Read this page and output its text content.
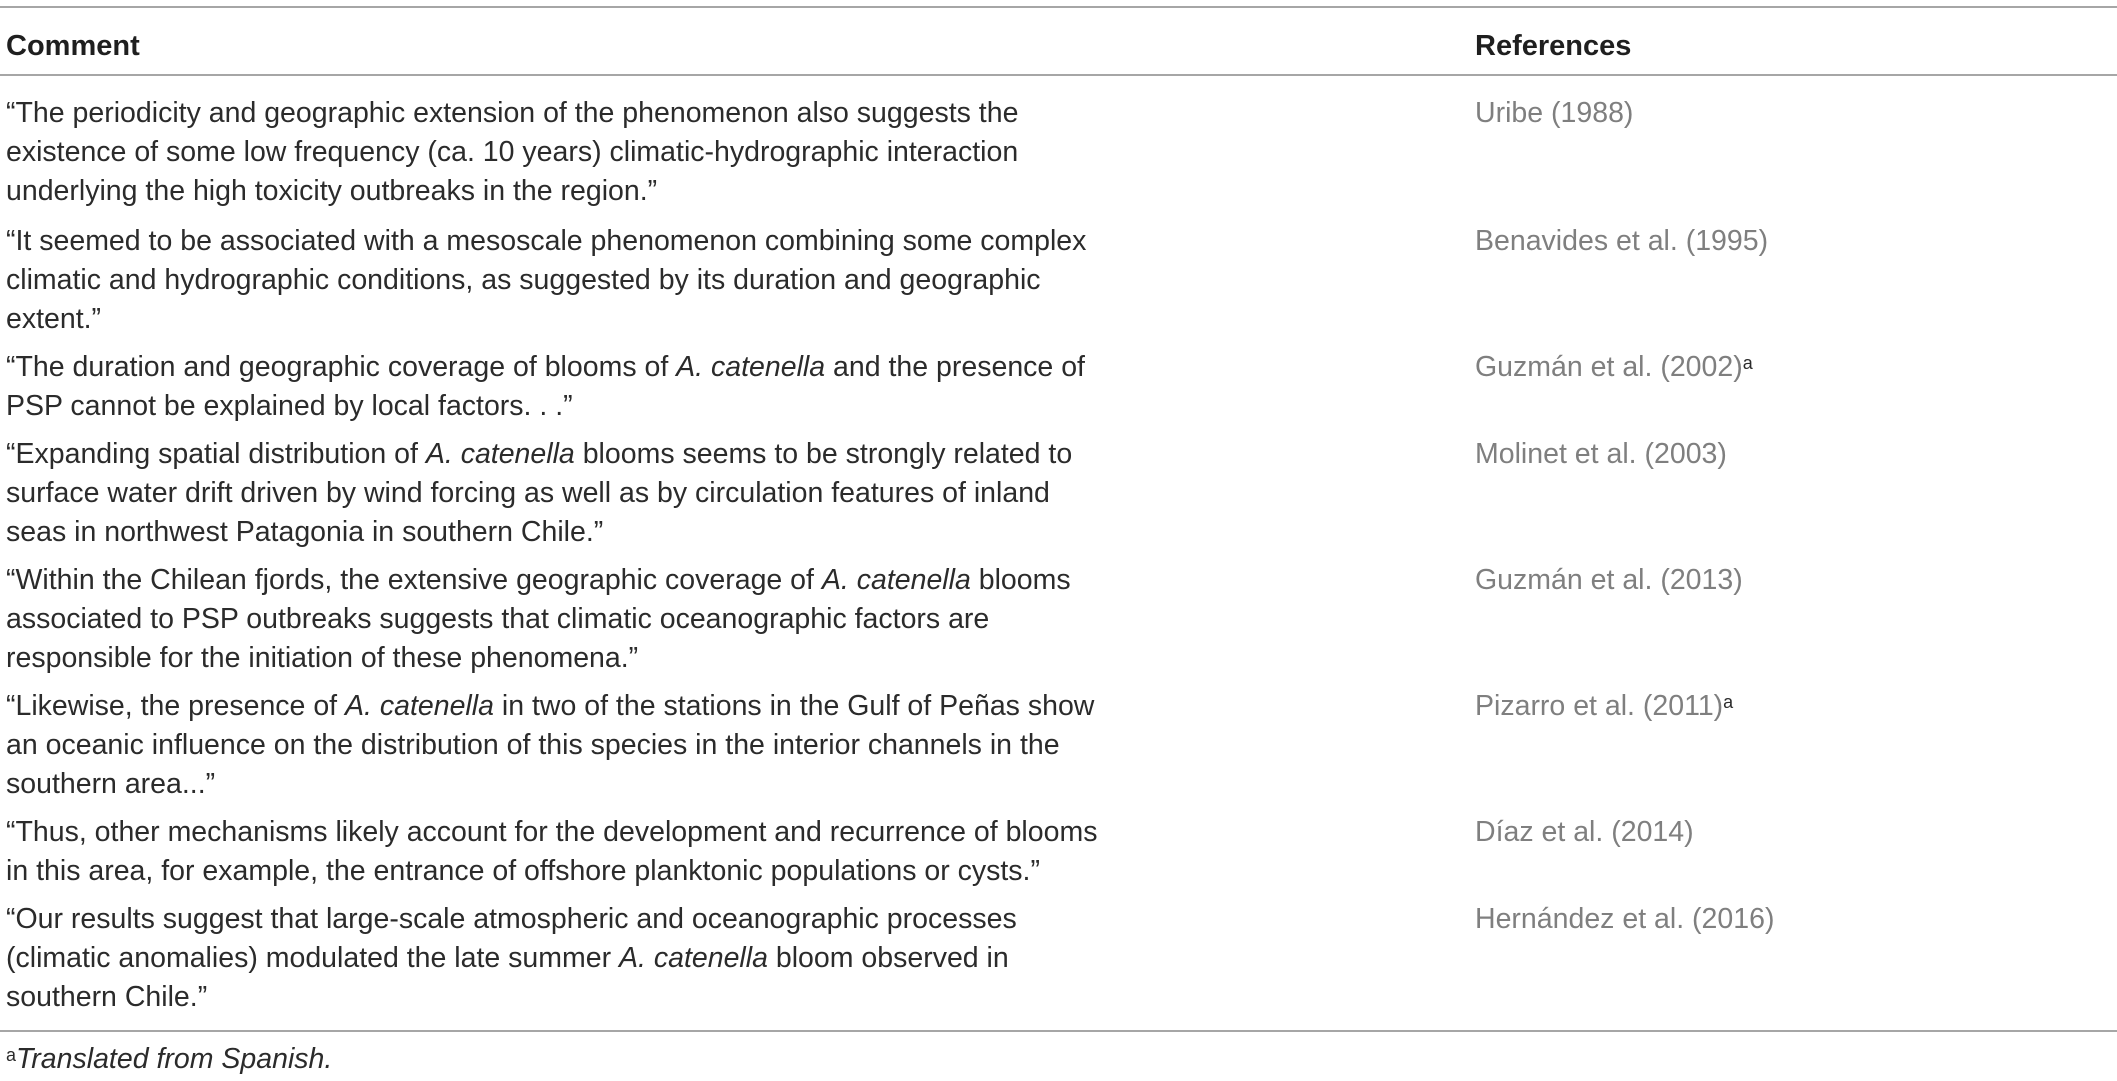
Comment	References
“The periodicity and geographic extension of the phenomenon also suggests the existence of some low frequency (ca. 10 years) climatic-hydrographic interaction underlying the high toxicity outbreaks in the region.”
Uribe (1988)
“It seemed to be associated with a mesoscale phenomenon combining some complex climatic and hydrographic conditions, as suggested by its duration and geographic extent.”
Benavides et al. (1995)
“The duration and geographic coverage of blooms of A. catenella and the presence of PSP cannot be explained by local factors. . .”
Guzmán et al. $(2002)^a$
“Expanding spatial distribution of A. catenella blooms seems to be strongly related to surface water drift driven by wind forcing as well as by circulation features of inland seas in northwest Patagonia in southern Chile.”
Molinet et al. (2003)
“Within the Chilean fjords, the extensive geographic coverage of A. catenella blooms associated to PSP outbreaks suggests that climatic oceanographic factors are responsible for the initiation of these phenomena.”
Guzmán et al. (2013)
“Likewise, the presence of A. catenella in two of the stations in the Gulf of Peñas show an oceanic influence on the distribution of this species in the interior channels in the southern area...”
Pizarro et al. $(2011)^a$
“Thus, other mechanisms likely account for the development and recurrence of blooms in this area, for example, the entrance of offshore planktonic populations or cysts.”
Díaz et al. (2014)
“Our results suggest that large-scale atmospheric and oceanographic processes (climatic anomalies) modulated the late summer A. catenella bloom observed in southern Chile.”
Hernández et al. (2016)
$^a$Translated from Spanish.
